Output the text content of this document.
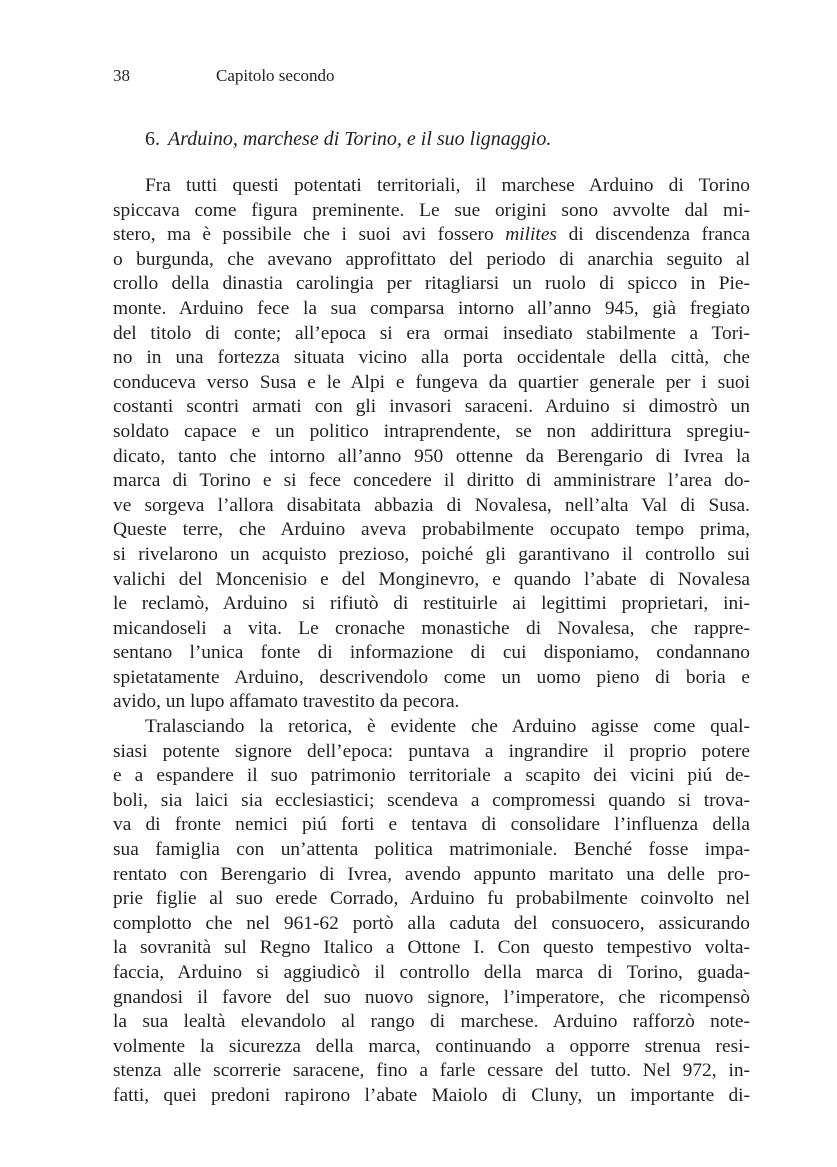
38	Capitolo secondo
6. Arduino, marchese di Torino, e il suo lignaggio.
Fra tutti questi potentati territoriali, il marchese Arduino di Torino
spiccava come figura preminente. Le sue origini sono avvolte dal mi-
stero, ma è possibile che i suoi avi fossero milites di discendenza franca
o burgunda, che avevano approfittato del periodo di anarchia seguito al
crollo della dinastia carolingia per ritagliarsi un ruolo di spicco in Pie-
monte. Arduino fece la sua comparsa intorno all’anno 945, già fregiato
del titolo di conte; all’epoca si era ormai insediato stabilmente a Tori-
no in una fortezza situata vicino alla porta occidentale della città, che
conduceva verso Susa e le Alpi e fungeva da quartier generale per i suoi
costanti scontri armati con gli invasori saraceni. Arduino si dimostrò un
soldato capace e un politico intraprendente, se non addirittura spregiu-
dicato, tanto che intorno all’anno 950 ottenne da Berengario di Ivrea la
marca di Torino e si fece concedere il diritto di amministrare l’area do-
ve sorgeva l’allora disabitata abbazia di Novalesa, nell’alta Val di Susa.
Queste terre, che Arduino aveva probabilmente occupato tempo prima,
si rivelarono un acquisto prezioso, poiché gli garantivano il controllo sui
valichi del Moncenisio e del Monginevro, e quando l’abate di Novalesa
le reclamò, Arduino si rifiutò di restituirle ai legittimi proprietari, ini-
micandoseli a vita. Le cronache monastiche di Novalesa, che rappre-
sentano l’unica fonte di informazione di cui disponiamo, condannano
spietatamente Arduino, descrivendolo come un uomo pieno di boria e
avido, un lupo affamato travestito da pecora.
Tralasciando la retorica, è evidente che Arduino agisse come qual-
siasi potente signore dell’epoca: puntava a ingrandire il proprio potere
e a espandere il suo patrimonio territoriale a scapito dei vicini piú de-
boli, sia laici sia ecclesiastici; scendeva a compromessi quando si trova-
va di fronte nemici piú forti e tentava di consolidare l’influenza della
sua famiglia con un’attenta politica matrimoniale. Benché fosse impa-
rentato con Berengario di Ivrea, avendo appunto maritato una delle pro-
prie figlie al suo erede Corrado, Arduino fu probabilmente coinvolto nel
complotto che nel 961-62 portò alla caduta del consuocero, assicurando
la sovranità sul Regno Italico a Ottone I. Con questo tempestivo volta-
faccia, Arduino si aggiudicò il controllo della marca di Torino, guada-
gnandosi il favore del suo nuovo signore, l’imperatore, che ricompensò
la sua lealtà elevandolo al rango di marchese. Arduino rafforzò note-
volmente la sicurezza della marca, continuando a opporre strenua resi-
stenza alle scorrerie saracene, fino a farle cessare del tutto. Nel 972, in-
fatti, quei predoni rapirono l’abate Maiolo di Cluny, un importante di-
